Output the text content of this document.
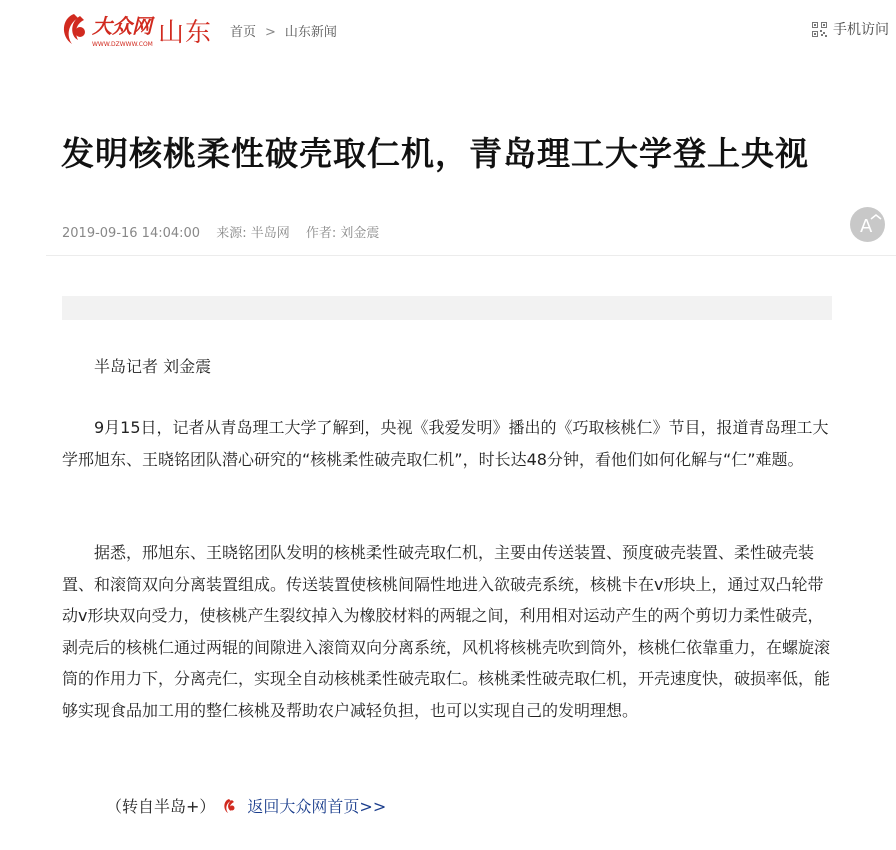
大众网
WWW.DZWWW.COM 山东 首页 > 山东新闻	手机访问
发明核桃柔性破壳取仁机，青岛理工大学登上央视
2019-09-16 14:04:00 来源: 半岛网 作者: 刘金震	A

半岛记者 刘金震

9月15日，记者从青岛理工大学了解到，央视《我爱发明》播出的《巧取核桃仁》节目，报道青岛理工大学邢旭东、王晓铭团队潜心研究的“核桃柔性破壳取仁机”，时长达48分钟，看他们如何化解与“仁”难题。

据悉，邢旭东、王晓铭团队发明的核桃柔性破壳取仁机，主要由传送装置、预度破壳装置、柔性破壳装置、和滚筒双向分离装置组成。传送装置使核桃间隔性地进入欲破壳系统，核桃卡在v形块上，通过双凸轮带动v形块双向受力，使核桃产生裂纹掉入为橡胶材料的两辊之间，利用相对运动产生的两个剪切力柔性破壳，剥壳后的核桃仁通过两辊的间隙进入滚筒双向分离系统，风机将核桃壳吹到筒外，核桃仁依靠重力，在螺旋滚筒的作用力下，分离壳仁，实现全自动核桃柔性破壳取仁。核桃柔性破壳取仁机，开壳速度快，破损率低，能够实现食品加工用的整仁核桃及帮助农户减轻负担，也可以实现自己的发明理想。

（转自半岛+） 返回大众网首页>>
